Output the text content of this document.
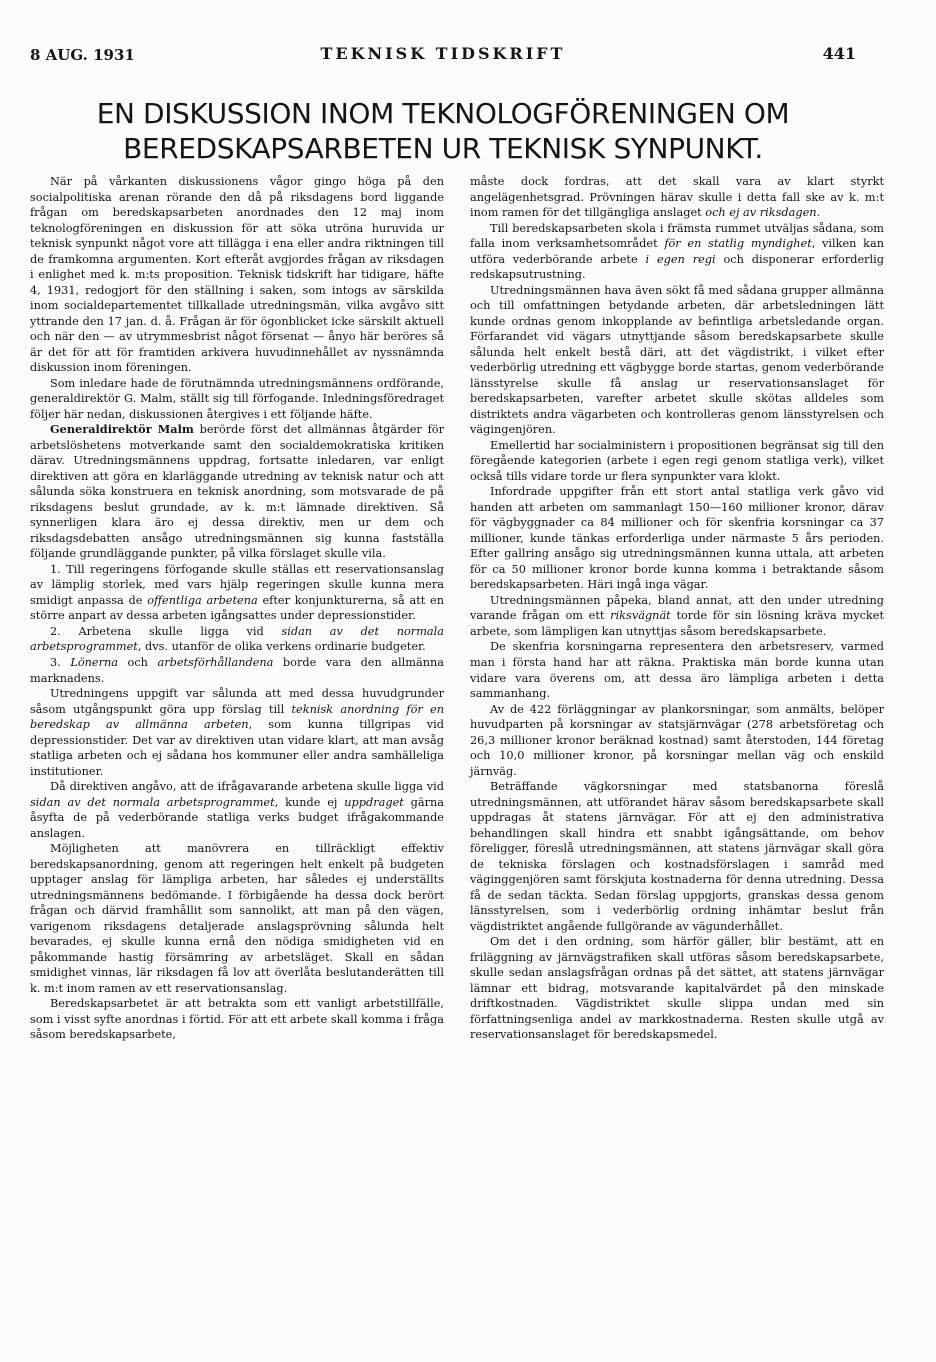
8 AUG. 1931	TEKNISK TIDSKRIFT	441
EN DISKUSSION INOM TEKNOLOGFÖRENINGEN OM
BEREDSKAPSARBETEN UR TEKNISK SYNPUNKT.

När på vårkanten diskussionens vågor gingo höga på den socialpolitiska arenan rörande den då på riksdagens bord liggande frågan om beredskapsarbeten anordnades den 12 maj inom teknologföreningen en diskussion för att söka utröna huruvida ur teknisk synpunkt något vore att tillägga i ena eller andra riktningen till de framkomna argumenten. Kort efteråt avgjordes frågan av riksdagen i enlighet med k. m:ts proposition. Teknisk tidskrift har tidigare, häfte 4, 1931, redogjort för den ställning i saken, som intogs av särskilda inom socialdepartementet tillkallade utredningsmän, vilka avgåvo sitt yttrande den 17 jan. d. å. Frågan är för ögonblicket icke särskilt aktuell och när den — av utrymmesbrist något försenat — ånyo här beröres så är det för att för framtiden arkivera huvudinnehållet av nyssnämnda diskussion inom föreningen.

Som inledare hade de förutnämnda utredningsmännens ordförande, generaldirektör G. Malm, ställt sig till förfogande. Inledningsföredraget följer här nedan, diskussionen återgives i ett följande häfte.

Generaldirektör Malm berörde först det allmännas åtgärder för arbetslöshetens motverkande samt den socialdemokratiska kritiken därav. Utredningsmännens uppdrag, fortsatte inledaren, var enligt direktiven att göra en klarläggande utredning av teknisk natur och att sålunda söka konstruera en teknisk anordning, som motsvarade de på riksdagens beslut grundade, av k. m:t lämnade direktiven. Så synnerligen klara äro ej dessa direktiv, men ur dem och riksdagsdebatten ansågo utredningsmännen sig kunna fastställa följande grundläggande punkter, på vilka förslaget skulle vila.

1. Till regeringens förfogande skulle ställas ett reservationsanslag av lämplig storlek, med vars hjälp regeringen skulle kunna mera smidigt anpassa de offentliga arbetena efter konjunkturerna, så att en större anpart av dessa arbeten igångsattes under depressionstider.

2. Arbetena skulle ligga vid sidan av det normala arbetsprogrammet, dvs. utanför de olika verkens ordinarie budgeter.

3. Lönerna och arbetsförhållandena borde vara den allmänna marknadens.

Utredningens uppgift var sålunda att med dessa huvudgrunder såsom utgångspunkt göra upp förslag till teknisk anordning för en beredskap av allmänna arbeten, som kunna tillgripas vid depressionstider. Det var av direktiven utan vidare klart, att man avsåg statliga arbeten och ej sådana hos kommuner eller andra samhälleliga institutioner.

Då direktiven angåvo, att de ifrågavarande arbetena skulle ligga vid sidan av det normala arbetsprogrammet, kunde ej uppdraget gärna åsyfta de på vederbörande statliga verks budget ifrågakommande anslagen.

Möjligheten att manövrera en tillräckligt effektiv beredskapsanordning, genom att regeringen helt enkelt på budgeten upptager anslag för lämpliga arbeten, har således ej underställts utredningsmännens bedömande. I förbigående ha dessa dock berört frågan och därvid framhållit som sannolikt, att man på den vägen, varigenom riksdagens detaljerade anslagsprövning sålunda helt bevarades, ej skulle kunna ernå den nödiga smidigheten vid en påkommande hastig försämring av arbetsläget. Skall en sådan smidighet vinnas, lär riksdagen få lov att överlåta beslutanderätten till k. m:t inom ramen av ett reservationsanslag.

Beredskapsarbetet är att betrakta som ett vanligt arbetstillfälle, som i visst syfte anordnas i förtid. För att ett arbete skall komma i fråga såsom beredskapsarbete,

måste dock fordras, att det skall vara av klart styrkt angelägenhetsgrad. Prövningen härav skulle i detta fall ske av k. m:t inom ramen för det tillgängliga anslaget och ej av riksdagen.

Till beredskapsarbeten skola i främsta rummet utväljas sådana, som falla inom verksamhetsområdet för en statlig myndighet, vilken kan utföra vederbörande arbete i egen regi och disponerar erforderlig redskapsutrustning.

Utredningsmännen hava även sökt få med sådana grupper allmänna och till omfattningen betydande arbeten, där arbetsledningen lätt kunde ordnas genom inkopplande av befintliga arbetsledande organ. Förfarandet vid vägars utnyttjande såsom beredskapsarbete skulle sålunda helt enkelt bestå däri, att det vägdistrikt, i vilket efter vederbörlig utredning ett vägbygge borde startas, genom vederbörande länsstyrelse skulle få anslag ur reservationsanslaget för beredskapsarbeten, varefter arbetet skulle skötas alldeles som distriktets andra vägarbeten och kontrolleras genom länsstyrelsen och vägingenjören.

Emellertid har socialministern i propositionen begränsat sig till den föregående kategorien (arbete i egen regi genom statliga verk), vilket också tills vidare torde ur flera synpunkter vara klokt.

Infordrade uppgifter från ett stort antal statliga verk gåvo vid handen att arbeten om sammanlagt 150—160 millioner kronor, därav för vägbyggnader ca 84 millioner och för skenfria korsningar ca 37 millioner, kunde tänkas erforderliga under närmaste 5 års perioden. Efter gallring ansågo sig utredningsmännen kunna uttala, att arbeten för ca 50 millioner kronor borde kunna komma i betraktande såsom beredskapsarbeten. Häri ingå inga vägar.

Utredningsmännen påpeka, bland annat, att den under utredning varande frågan om ett riksvägnät torde för sin lösning kräva mycket arbete, som lämpligen kan utnyttjas såsom beredskapsarbete.

De skenfria korsningarna representera den arbetsreserv, varmed man i första hand har att räkna. Praktiska män borde kunna utan vidare vara överens om, att dessa äro lämpliga arbeten i detta sammanhang.

Av de 422 förläggningar av plankorsningar, som anmälts, belöper huvudparten på korsningar av statsjärnvägar (278 arbetsföretag och 26,3 millioner kronor beräknad kostnad) samt återstoden, 144 företag och 10,0 millioner kronor, på korsningar mellan väg och enskild järnväg.

Beträffande vägkorsningar med statsbanorna föreslå utredningsmännen, att utförandet härav såsom beredskapsarbete skall uppdragas åt statens järnvägar. För att ej den administrativa behandlingen skall hindra ett snabbt igångsättande, om behov föreligger, föreslå utredningsmännen, att statens järnvägar skall göra de tekniska förslagen och kostnadsförslagen i samråd med väginggenjören samt förskjuta kostnaderna för denna utredning. Dessa få de sedan täckta. Sedan förslag uppgjorts, granskas dessa genom länsstyrelsen, som i vederbörlig ordning inhämtar beslut från vägdistriktet angående fullgörande av vägunderhållet.

Om det i den ordning, som härför gäller, blir bestämt, att en friläggning av järnvägstrafiken skall utföras såsom beredskapsarbete, skulle sedan anslagsfrågan ordnas på det sättet, att statens järnvägar lämnar ett bidrag, motsvarande kapitalvärdet på den minskade driftkostnaden. Vägdistriktet skulle slippa undan med sin författningsenliga andel av markkostnaderna. Resten skulle utgå av reservationsanslaget för beredskapsmedel.
